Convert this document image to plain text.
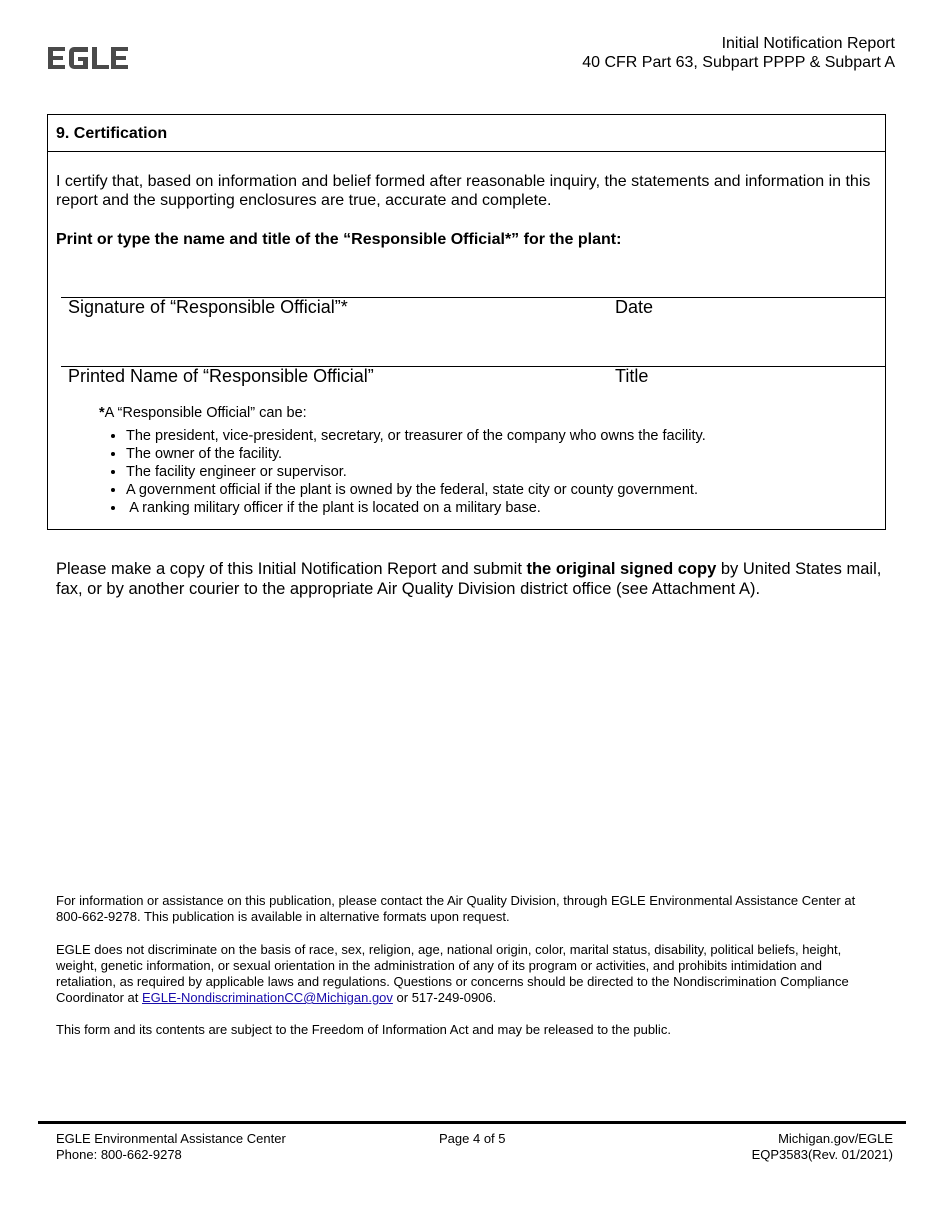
Initial Notification Report
40 CFR Part 63, Subpart PPPP & Subpart A
9. Certification
I certify that, based on information and belief formed after reasonable inquiry, the statements and information in this report and the supporting enclosures are true, accurate and complete.
Print or type the name and title of the “Responsible Official*” for the plant:
Signature of “Responsible Official”*	Date
Printed Name of “Responsible Official”	Title
*A “Responsible Official” can be:
• The president, vice-president, secretary, or treasurer of the company who owns the facility.
• The owner of the facility.
• The facility engineer or supervisor.
• A government official if the plant is owned by the federal, state city or county government.
•  A ranking military officer if the plant is located on a military base.
Please make a copy of this Initial Notification Report and submit the original signed copy by United States mail, fax, or by another courier to the appropriate Air Quality Division district office (see Attachment A).
For information or assistance on this publication, please contact the Air Quality Division, through EGLE Environmental Assistance Center at 800-662-9278. This publication is available in alternative formats upon request.
EGLE does not discriminate on the basis of race, sex, religion, age, national origin, color, marital status, disability, political beliefs, height, weight, genetic information, or sexual orientation in the administration of any of its program or activities, and prohibits intimidation and retaliation, as required by applicable laws and regulations. Questions or concerns should be directed to the Nondiscrimination Compliance Coordinator at EGLE-NondiscriminationCC@Michigan.gov or 517-249-0906.
This form and its contents are subject to the Freedom of Information Act and may be released to the public.
EGLE Environmental Assistance Center
Phone: 800-662-9278
Page 4 of 5	Michigan.gov/EGLE
EQP3583(Rev. 01/2021)
